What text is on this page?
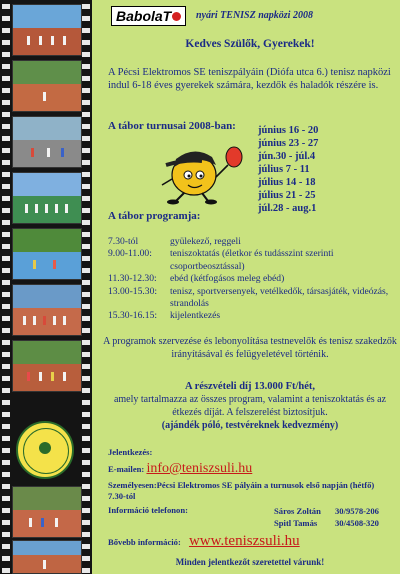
BabolaT	nyári TENISZ napközi 2008
Kedves Szülők, Gyerekek!

A Pécsi Elektromos SE teniszpályáin (Diófa utca 6.) tenisz napközi indul 6-18 éves gyerekek számára, kezdők és haladók részére is.

A tábor turnusai 2008-ban: június 16 - 20
június 23 - 27
jún.30 - júl.4
július 7 - 11
július 14 - 18
július 21 - 25
júl.28 - aug.1
A tábor programja:
7.30-tól	gyülekező, reggeli
9.00-11.00:	teniszoktatás (életkor és tudásszint szerinti csoportbeosztással)
11.30-12.30:	ebéd (kétfogásos meleg ebéd)
13.00-15.30:	tenisz, sportversenyek, vetélkedők, társasjáték, videózás, strandolás
15.30-16.15:	kijelentkezés

A programok szervezése és lebonyolítása testnevelők és tenisz szakedzők irányításával és felügyeletével történik.

A részvételi díj 13.000 Ft/hét,

amely tartalmazza az összes program, valamint a teniszoktatás és az étkezés díját. A felszerelést biztosítjuk.

(ajándék póló, testvéreknek kedvezmény)

Jelentkezés:

E-mailen: info@teniszsuli.hu

Személyesen:Pécsi Elektromos SE pályáin a turnusok első napján (hétfő) 7.30-tól

Információ telefonon:	Sáros Zoltán 30/9578-206
Spitl Tamás 30/4508-320

Bővebb információ: www.teniszsuli.hu

Minden jelentkezőt szeretettel várunk!
